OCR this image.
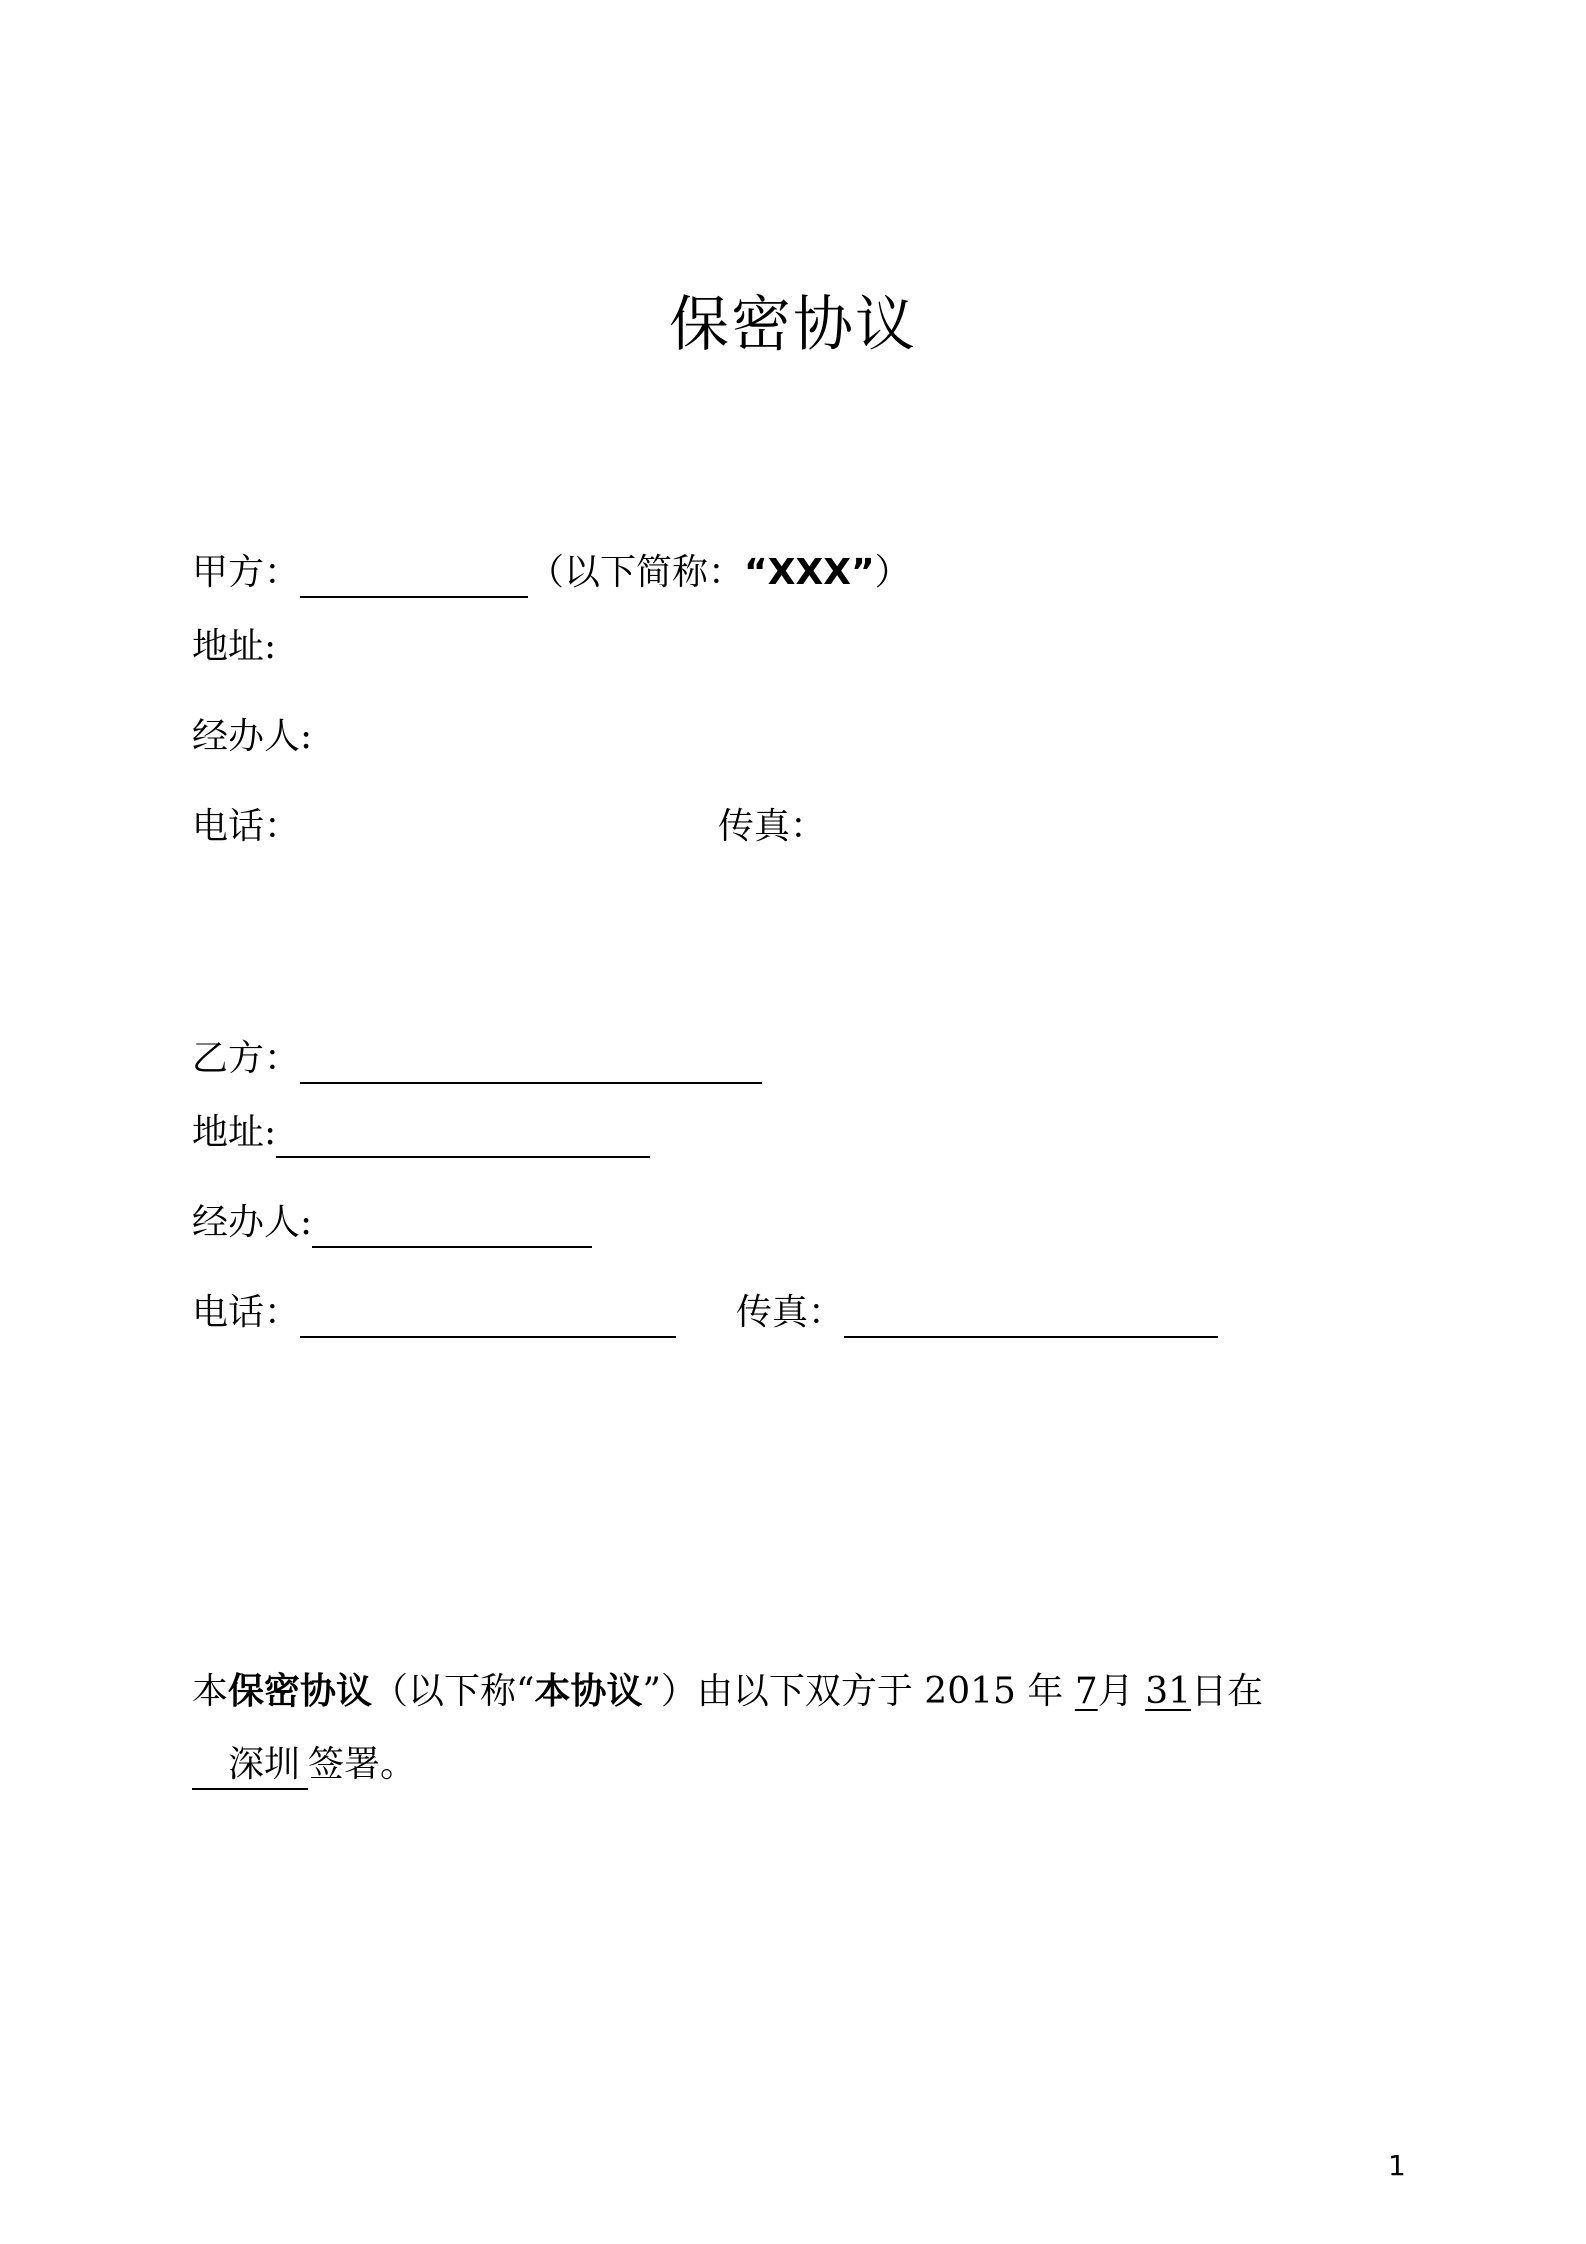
保密协议
甲方：	（以下简称： “XXX” ）
地址:
经办人:
电话：	传真：
乙方：
地址:
经办人:
电话：	传真：
本保密协议（以下称“本协议”）由以下双方于 2015 年 7月 31日在
深圳 签署。
1
